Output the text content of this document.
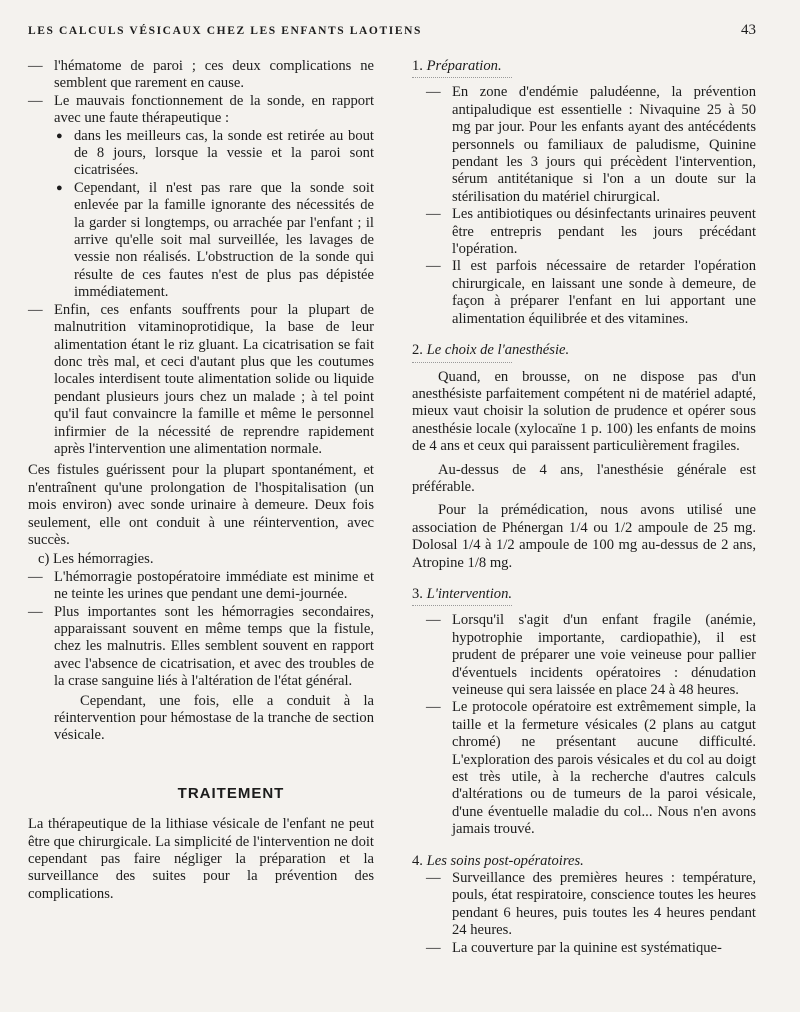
LES CALCULS VÉSICAUX CHEZ LES ENFANTS LAOTIENS	43

— l'hématome de paroi ; ces deux complications ne semblent que rarement en cause.

— Le mauvais fonctionnement de la sonde, en rapport avec une faute thérapeutique :

● dans les meilleurs cas, la sonde est retirée au bout de 8 jours, lorsque la vessie et la paroi sont cicatrisées.

● Cependant, il n'est pas rare que la sonde soit enlevée par la famille ignorante des nécessités de la garder si longtemps, ou arrachée par l'enfant ; il arrive qu'elle soit mal surveillée, les lavages de vessie non réalisés. L'obstruction de la sonde qui résulte de ces fautes n'est de plus pas dépistée immédiatement.

— Enfin, ces enfants souffrents pour la plupart de malnutrition vitaminoprotidique, la base de leur alimentation étant le riz gluant. La cicatrisation se fait donc très mal, et ceci d'autant plus que les coutumes locales interdisent toute alimentation solide ou liquide pendant plusieurs jours chez un malade ; à tel point qu'il faut convaincre la famille et même le personnel infirmier de la nécessité de reprendre rapidement après l'intervention une alimentation normale.

Ces fistules guérissent pour la plupart spontanément, et n'entraînent qu'une prolongation de l'hospitalisation (un mois environ) avec sonde urinaire à demeure. Deux fois seulement, elle ont conduit à une réintervention, avec succès.

c) Les hémorragies.

— L'hémorragie postopératoire immédiate est minime et ne teinte les urines que pendant une demi-journée.

— Plus importantes sont les hémorragies secondaires, apparaissant souvent en même temps que la fistule, chez les malnutris. Elles semblent souvent en rapport avec l'absence de cicatrisation, et avec des troubles de la crase sanguine liés à l'altération de l'état général.

Cependant, une fois, elle a conduit à la réintervention pour hémostase de la tranche de section vésicale.

TRAITEMENT

La thérapeutique de la lithiase vésicale de l'enfant ne peut être que chirurgicale. La simplicité de l'intervention ne doit cependant pas faire négliger la préparation et la surveillance des suites pour la prévention des complications.

1. Préparation.

— En zone d'endémie paludéenne, la prévention antipaludique est essentielle : Nivaquine 25 à 50 mg par jour. Pour les enfants ayant des antécédents personnels ou familiaux de paludisme, Quinine pendant les 3 jours qui précèdent l'intervention, sérum antitétanique si l'on a un doute sur la stérilisation du matériel chirurgical.

— Les antibiotiques ou désinfectants urinaires peuvent être entrepris pendant les jours précédant l'opération.

— Il est parfois nécessaire de retarder l'opération chirurgicale, en laissant une sonde à demeure, de façon à préparer l'enfant en lui apportant une alimentation équilibrée et des vitamines.

2. Le choix de l'anesthésie.

Quand, en brousse, on ne dispose pas d'un anesthésiste parfaitement compétent ni de matériel adapté, mieux vaut choisir la solution de prudence et opérer sous anesthésie locale (xylocaïne 1 p. 100) les enfants de moins de 4 ans et ceux qui paraissent particulièrement fragiles.

Au-dessus de 4 ans, l'anesthésie générale est préférable.

Pour la prémédication, nous avons utilisé une association de Phénergan 1/4 ou 1/2 ampoule de 25 mg. Dolosal 1/4 à 1/2 ampoule de 100 mg au-dessus de 2 ans, Atropine 1/8 mg.

3. L'intervention.

— Lorsqu'il s'agit d'un enfant fragile (anémie, hypotrophie importante, cardiopathie), il est prudent de préparer une voie veineuse pour pallier d'éventuels incidents opératoires : dénudation veineuse qui sera laissée en place 24 à 48 heures.

— Le protocole opératoire est extrêmement simple, la taille et la fermeture vésicales (2 plans au catgut chromé) ne présentant aucune difficulté. L'exploration des parois vésicales et du col au doigt est très utile, à la recherche d'autres calculs d'altérations ou de tumeurs de la paroi vésicale, d'une éventuelle maladie du col... Nous n'en avons jamais trouvé.

4. Les soins post-opératoires.

— Surveillance des premières heures : température, pouls, état respiratoire, conscience toutes les heures pendant 6 heures, puis toutes les 4 heures pendant 24 heures.

— La couverture par la quinine est systématique-
